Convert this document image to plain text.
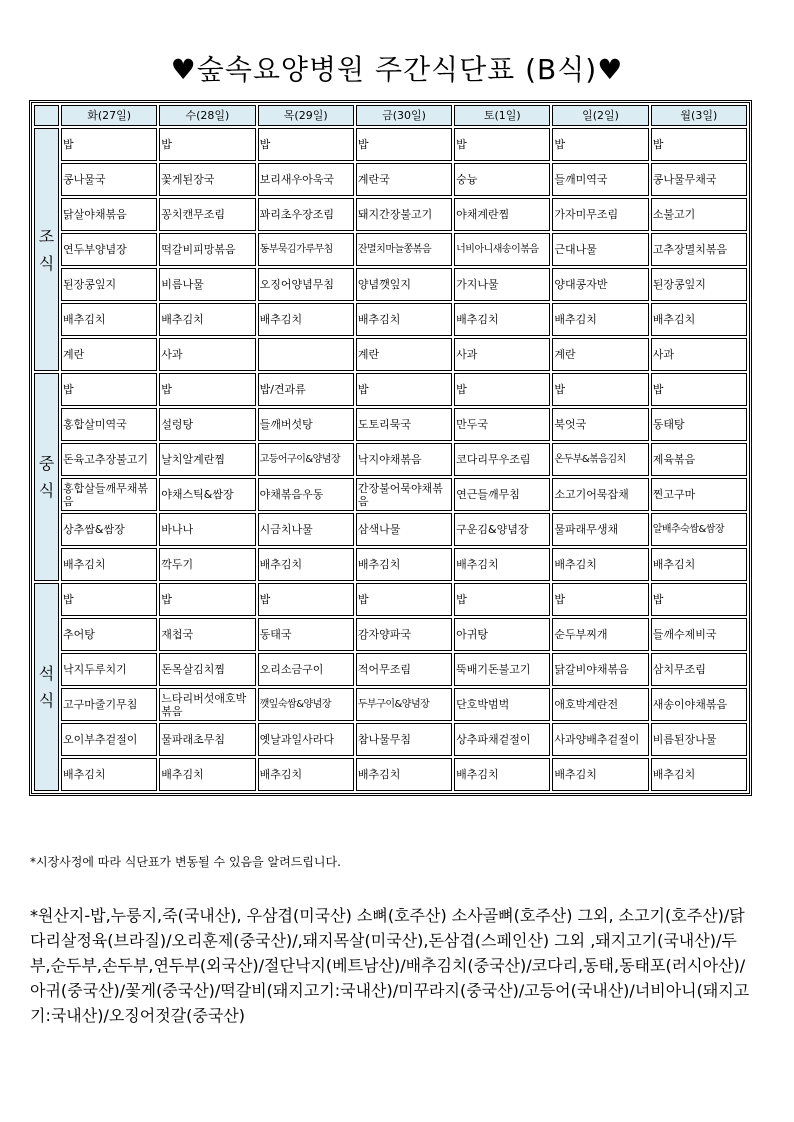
♥숲속요양병원 주간식단표 (B식)♥
	화(27일)	수(28일)	목(29일)	금(30일)	토(1일)	일(2일)	월(3일)

조
식	밥	밥	밥	밥	밥	밥	밥
	콩나물국	꽃게된장국	보리새우아욱국	계란국	숭늉	들깨미역국	콩나물무채국
	닭살야채볶음	꽁치캔무조림	꽈리초우장조림	돼지간장불고기	야채계란찜	가자미무조림	소불고기
	연두부양념장	떡갈비피망볶음	동부묵김가루무침	잔멸치마늘쫑볶음	너비아니새송이볶음	근대나물	고추장멸치볶음
	된장콩잎지	비름나물	오징어양념무침	양념깻잎지	가지나물	양대콩자반	된장콩잎지
	배추김치	배추김치	배추김치	배추김치	배추김치	배추김치	배추김치
	계란	사과		계란	사과	계란	사과

중
식	밥	밥	밥/견과류	밥	밥	밥	밥
	홍합살미역국	설렁탕	들깨버섯탕	도토리묵국	만두국	북엇국	동태탕
	돈육고추장불고기	날치알계란찜	고등어구이&양념장	낙지야채볶음	코다리무우조림	온두부&볶음김치	제육볶음
	홍합살들깨무채볶음	야채스틱&쌈장	야채볶음우동	간장불어묵야채볶음	연근들깨무침	소고기어묵잡채	찐고구마
	상추쌈&쌈장	바나나	시금치나물	삼색나물	구운김&양념장	물파래무생채	알배추숙쌈&쌈장
	배추김치	깍두기	배추김치	배추김치	배추김치	배추김치	배추김치

석
식	밥	밥	밥	밥	밥	밥	밥
	추어탕	재첩국	동태국	감자양파국	아귀탕	순두부찌개	들깨수제비국
	낙지두루치기	돈목살김치찜	오리소금구이	적어무조림	뚝배기돈불고기	닭갈비야채볶음	삼치무조림
	고구마줄기무침	느타리버섯애호박볶음	깻잎숙쌈&양념장	두부구이&양념장	단호박범벅	애호박계란전	새송이야채볶음
	오이부추겉절이	물파래초무침	옛날과일사라다	참나물무침	상추파채겉절이	사과양배추겉절이	비름된장나물
	배추김치	배추김치	배추김치	배추김치	배추김치	배추김치	배추김치
*시장사정에 따라 식단표가 변동될 수 있음을 알려드립니다.
*원산지-밥,누룽지,죽(국내산), 우삼겹(미국산) 소뼈(호주산) 소사골뼈(호주산) 그외, 소고기(호주산)/닭다리살정육(브라질)/오리훈제(중국산)/,돼지목살(미국산),돈삼겹(스페인산) 그외 ,돼지고기(국내산)/두부,순두부,손두부,연두부(외국산)/절단낙지(베트남산)/배추김치(중국산)/코다리,동태,동태포(러시아산)/아귀(중국산)/꽃게(중국산)/떡갈비(돼지고기:국내산)/미꾸라지(중국산)/고등어(국내산)/너비아니(돼지고기:국내산)/오징어젓갈(중국산)
